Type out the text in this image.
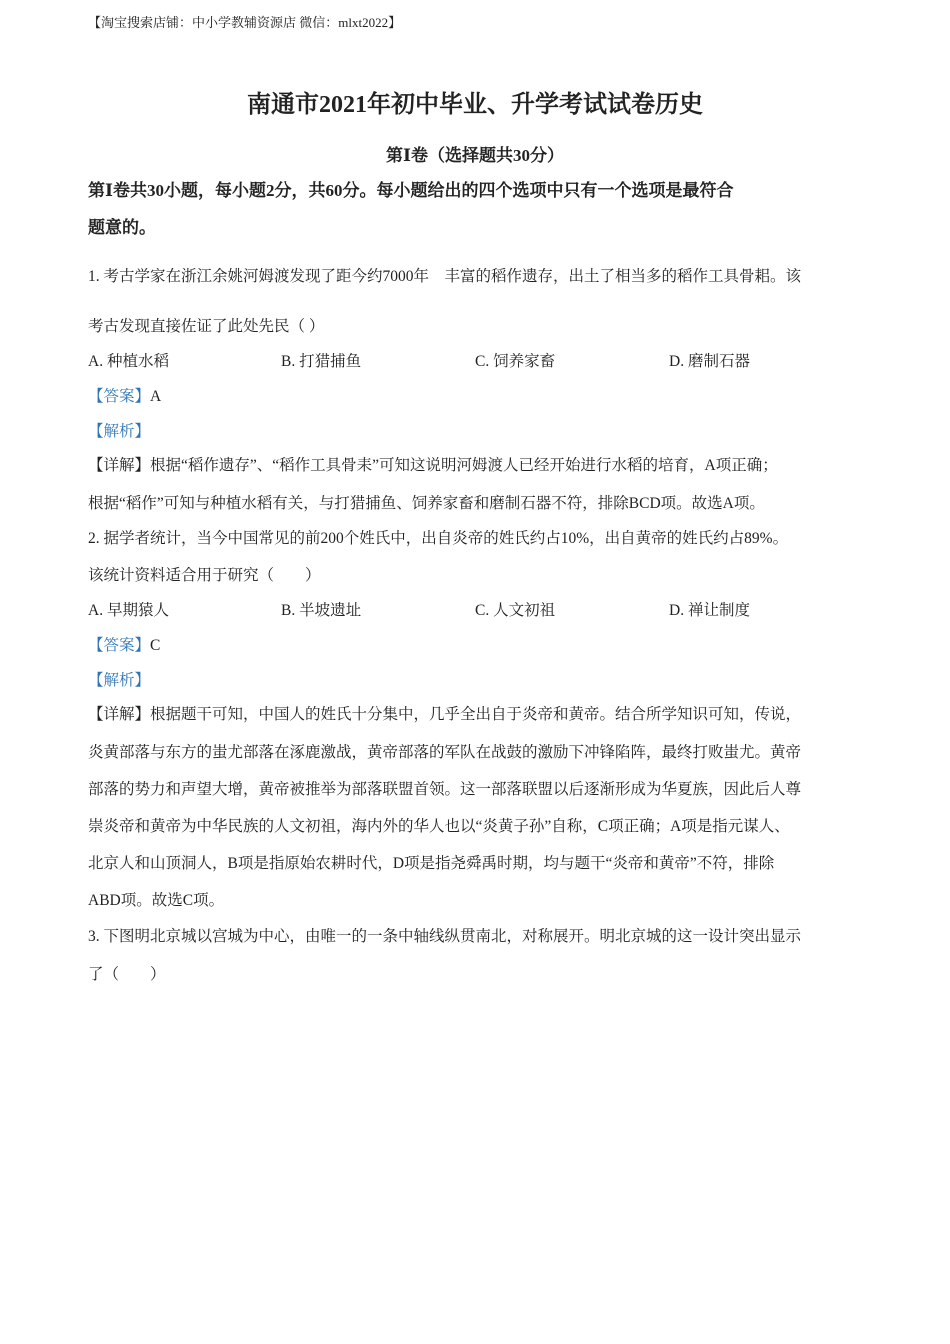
【淘宝搜索店铺：中小学教辅资源店 微信：mlxt2022】
南通市2021年初中毕业、升学考试试卷历史
第Ⅰ卷（选择题共30分）
第Ⅰ卷共30小题，每小题2分，共60分。每小题给出的四个选项中只有一个选项是最符合
题意的。
1. 考古学家在浙江余姚河姆渡发现了距今约7000年　丰富的稻作遗存，出土了相当多的稻作工具骨耜。该
考古发现直接佐证了此处先民（ ）
A. 种植水稻	B. 打猎捕鱼	C. 饲养家畜	D. 磨制石器
【答案】A
【解析】
【详解】根据“稻作遗存”、“稻作工具骨耒”可知这说明河姆渡人已经开始进行水稻的培育，A项正确；
根据“稻作”可知与种植水稻有关，与打猎捕鱼、饲养家畜和磨制石器不符，排除BCD项。故选A项。
2. 据学者统计，当今中国常见的前200个姓氏中，出自炎帝的姓氏约占10%，出自黄帝的姓氏约占89%。
该统计资料适合用于研究（　　）
A. 早期猿人	B. 半坡遗址	C. 人文初祖	D. 禅让制度
【答案】C
【解析】
【详解】根据题干可知，中国人的姓氏十分集中，几乎全出自于炎帝和黄帝。结合所学知识可知，传说，
炎黄部落与东方的蚩尤部落在涿鹿激战，黄帝部落的军队在战鼓的激励下冲锋陷阵，最终打败蚩尤。黄帝
部落的势力和声望大增，黄帝被推举为部落联盟首领。这一部落联盟以后逐渐形成为华夏族，因此后人尊
崇炎帝和黄帝为中华民族的人文初祖，海内外的华人也以“炎黄子孙”自称，C项正确；A项是指元谋人、
北京人和山顶洞人，B项是指原始农耕时代，D项是指尧舜禹时期，均与题干“炎帝和黄帝”不符，排除
ABD项。故选C项。
3. 下图明北京城以宫城为中心，由唯一的一条中轴线纵贯南北，对称展开。明北京城的这一设计突出显示
了（　　）
